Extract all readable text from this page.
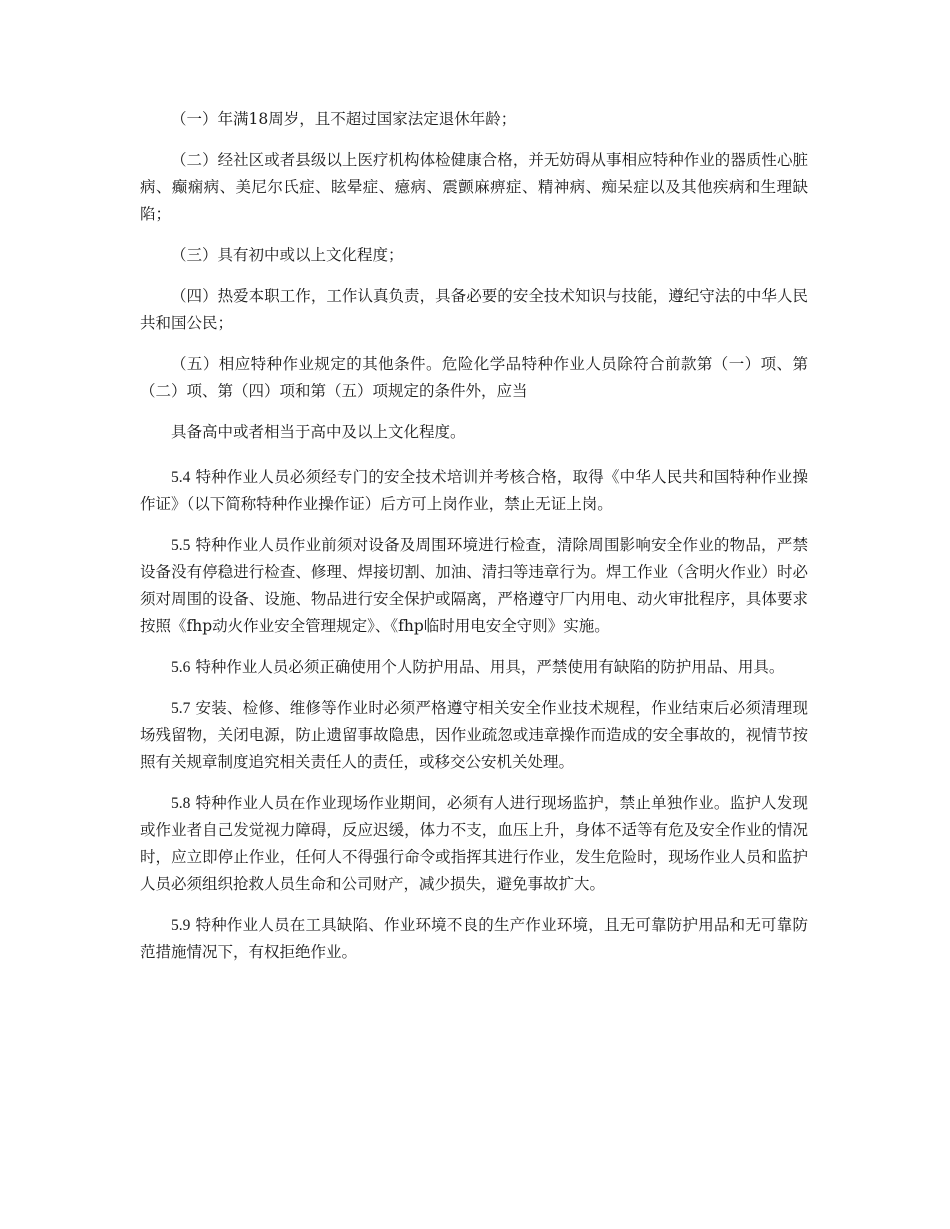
（一）年满18周岁，且不超过国家法定退休年龄；

（二）经社区或者县级以上医疗机构体检健康合格，并无妨碍从事相应特种作业的器质性心脏病、癫痫病、美尼尔氏症、眩晕症、癔病、震颤麻痹症、精神病、痴呆症以及其他疾病和生理缺陷；

（三）具有初中或以上文化程度；

（四）热爱本职工作，工作认真负责，具备必要的安全技术知识与技能，遵纪守法的中华人民共和国公民；

（五）相应特种作业规定的其他条件。危险化学品特种作业人员除符合前款第（一）项、第（二）项、第（四）项和第（五）项规定的条件外，应当

具备高中或者相当于高中及以上文化程度。

5.4 特种作业人员必须经专门的安全技术培训并考核合格，取得《中华人民共和国特种作业操作证》（以下简称特种作业操作证）后方可上岗作业，禁止无证上岗。

5.5 特种作业人员作业前须对设备及周围环境进行检查，清除周围影响安全作业的物品，严禁设备没有停稳进行检查、修理、焊接切割、加油、清扫等违章行为。焊工作业（含明火作业）时必须对周围的设备、设施、物品进行安全保护或隔离，严格遵守厂内用电、动火审批程序，具体要求按照《fhp动火作业安全管理规定》、《fhp临时用电安全守则》实施。

5.6 特种作业人员必须正确使用个人防护用品、用具，严禁使用有缺陷的防护用品、用具。

5.7 安装、检修、维修等作业时必须严格遵守相关安全作业技术规程，作业结束后必须清理现场残留物，关闭电源，防止遗留事故隐患，因作业疏忽或违章操作而造成的安全事故的，视情节按照有关规章制度追究相关责任人的责任，或移交公安机关处理。

5.8 特种作业人员在作业现场作业期间，必须有人进行现场监护，禁止单独作业。监护人发现或作业者自己发觉视力障碍，反应迟缓，体力不支，血压上升，身体不适等有危及安全作业的情况时，应立即停止作业，任何人不得强行命令或指挥其进行作业，发生危险时，现场作业人员和监护人员必须组织抢救人员生命和公司财产，减少损失，避免事故扩大。

5.9 特种作业人员在工具缺陷、作业环境不良的生产作业环境，且无可靠防护用品和无可靠防范措施情况下，有权拒绝作业。
